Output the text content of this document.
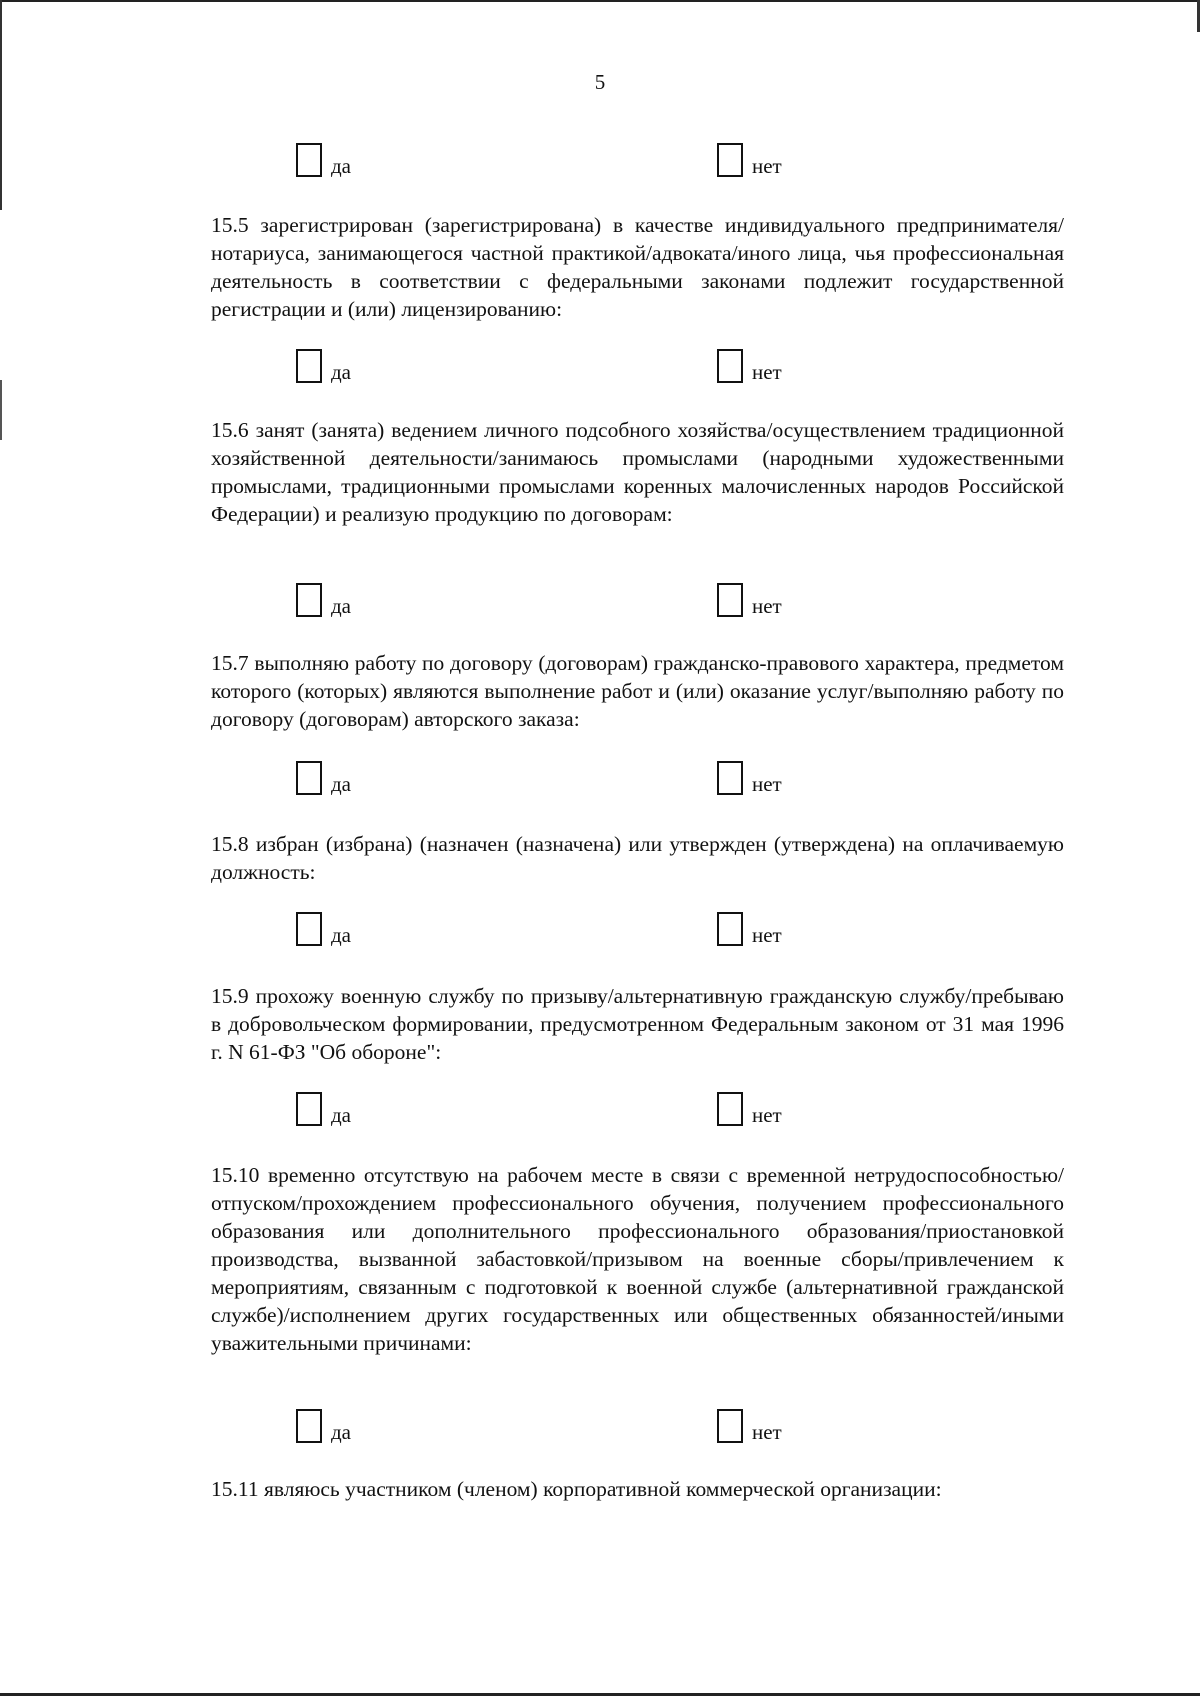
5
да	нет

15.5 зарегистрирован (зарегистрирована) в качестве индивидуального предпринимателя/нотариуса, занимающегося частной практикой/адвоката/иного лица, чья профессиональная деятельность в соответствии с федеральными законами подлежит государственной регистрации и (или) лицензированию:

да	нет

15.6 занят (занята) ведением личного подсобного хозяйства/осуществлением традиционной хозяйственной деятельности/занимаюсь промыслами (народными художественными промыслами, традиционными промыслами коренных малочисленных народов Российской Федерации) и реализую продукцию по договорам:

да	нет

15.7 выполняю работу по договору (договорам) гражданско-правового характера, предметом которого (которых) являются выполнение работ и (или) оказание услуг/выполняю работу по договору (договорам) авторского заказа:

да	нет

15.8 избран (избрана) (назначен (назначена) или утвержден (утверждена) на оплачиваемую должность:

да	нет

15.9 прохожу военную службу по призыву/альтернативную гражданскую службу/пребываю в добровольческом формировании, предусмотренном Федеральным законом от 31 мая 1996 г. N 61-ФЗ "Об обороне":

да	нет

15.10 временно отсутствую на рабочем месте в связи с временной нетрудоспособностью/отпуском/прохождением профессионального обучения, получением профессионального образования или дополнительного профессионального образования/приостановкой производства, вызванной забастовкой/призывом на военные сборы/привлечением к мероприятиям, связанным с подготовкой к военной службе (альтернативной гражданской службе)/исполнением других государственных или общественных обязанностей/иными уважительными причинами:

да	нет

15.11 являюсь участником (членом) корпоративной коммерческой организации:
